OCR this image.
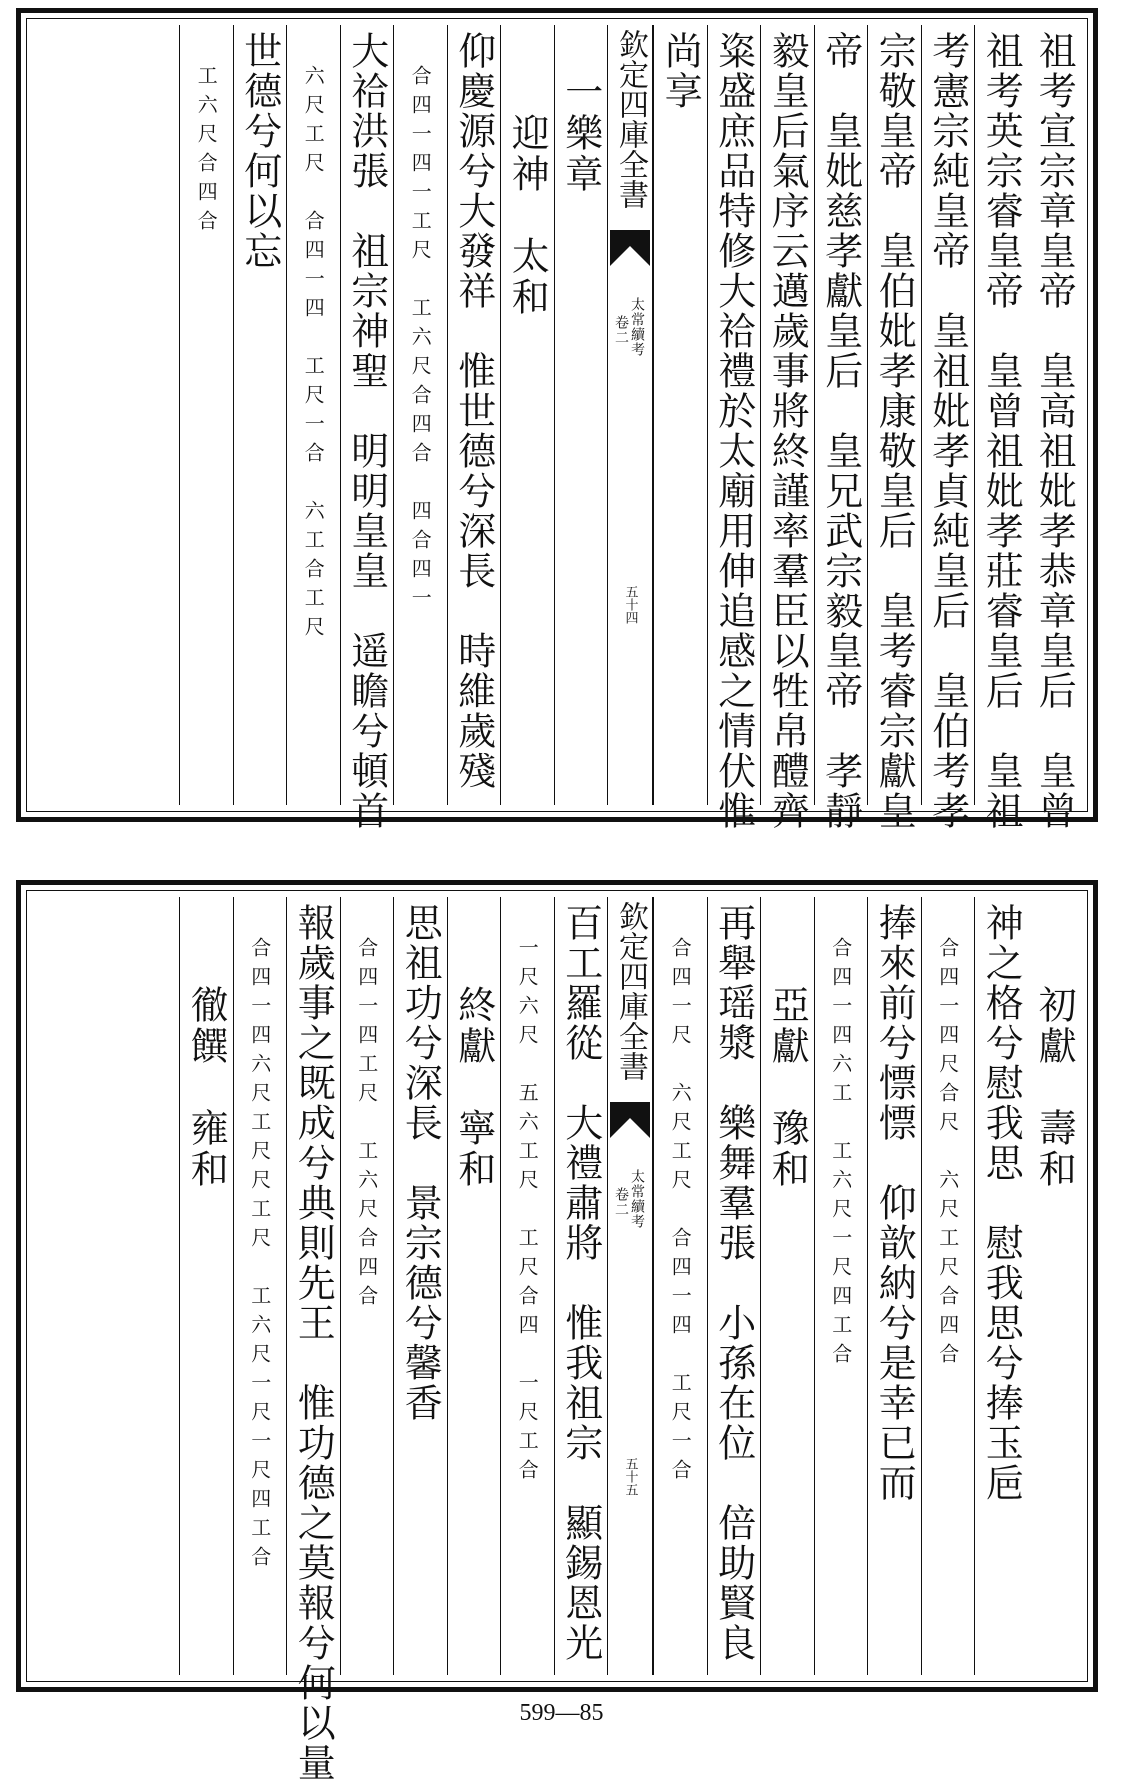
祖考宣宗章皇帝　皇高祖妣孝恭章皇后　皇曾
祖考英宗睿皇帝　皇曾祖妣孝莊睿皇后　皇祖
考憲宗純皇帝　皇祖妣孝貞純皇后　皇伯考孝
宗敬皇帝　皇伯妣孝康敬皇后　皇考睿宗獻皇
帝　皇妣慈孝獻皇后　皇兄武宗毅皇帝　孝靜
毅皇后氣序云邁歲事將終謹率羣臣以牲帛醴齊
粢盛庶品特修大祫禮於太廟用伸追感之情伏惟
尚享
欽定四庫全書
太常續考
卷二
五十四
　一樂章
　　迎神　太和
仰慶源兮大發祥　惟世德兮深長　時維歲殘
合四一四一工尺　工六尺合四合　四合四一
大祫洪張　祖宗神聖　明明皇皇　遥瞻兮頓首
六尺工尺　合四一四　工尺一合　六工合工尺
世德兮何以忘
工六尺合四合
　　初獻　壽和
神之格兮慰我思　慰我思兮捧玉巵
合四一四尺合尺　六尺工尺合四合
捧來前兮慓慓　仰歆納兮是幸已而
合四一四六工　工六尺一尺四工合
　　亞獻　豫和
再舉瑶漿　樂舞羣張　小孫在位　倍助賢良
合四一尺　六尺工尺　合四一四　工尺一合
欽定四庫全書
太常續考
卷二
五十五
百工羅從　大禮肅將　惟我祖宗　顯錫恩光
一尺六尺　五六工尺　工尺合四　一尺工合
　　終獻　寧和
思祖功兮深長　景宗德兮馨香
合四一四工尺　工六尺合四合
報歲事之既成兮典則先王　惟功德之莫報兮何以量
合四一四六尺工尺尺工尺　工六尺一尺一尺四工合
　　徹饌　雍和
599—85
